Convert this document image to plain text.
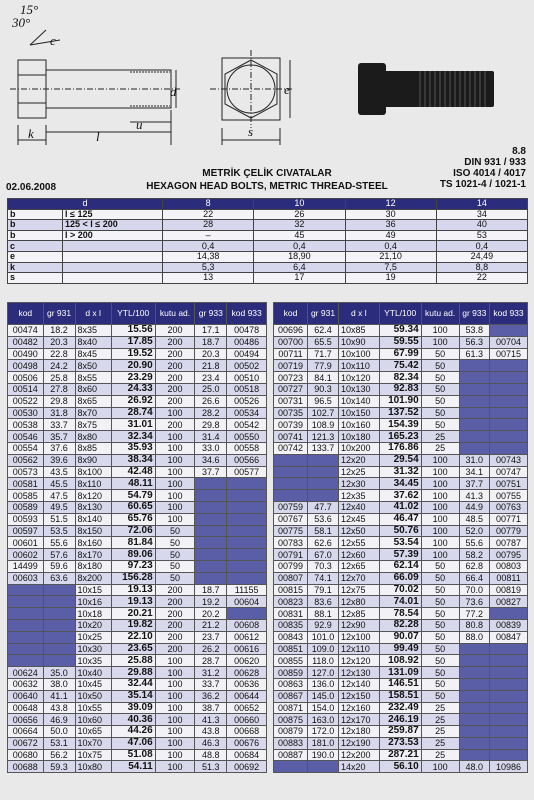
15°
30°
c
d	e
u
k	l	s
8.8
DIN 931 / 933
ISO 4014 / 4017
TS 1021-4 / 1021-1
METRİK ÇELİK CIVATALAR
HEXAGON HEAD BOLTS, METRIC THREAD-STEEL
02.06.2008
d		8	10	12	14
b	l ≤ 125	22	26	30	34
b	125 < l ≤ 200	28	32	36	40
b	l > 200	–	45	49	53
c		0,4	0,4	0,4	0,4
e		14,38	18,90	21,10	24,49
k		5,3	6,4	7,5	8,8
s		13	17	19	22
kod	gr 931	d x l	YTL/100	kutu ad.	gr 933	kod 933
00474	18.2	8x35	15.56	200	17.1	00478
00482	20.3	8x40	17.85	200	18.7	00486
00490	22.8	8x45	19.52	200	20.3	00494
00498	24.2	8x50	20.90	200	21.8	00502
00506	25.8	8x55	23.29	200	23.4	00510
00514	27.8	8x60	24.33	200	25.0	00518
00522	29.8	8x65	26.92	200	26.6	00526
00530	31.8	8x70	28.74	100	28.2	00534
00538	33.7	8x75	31.01	200	29.8	00542
00546	35.7	8x80	32.34	100	31.4	00550
00554	37.6	8x85	35.93	100	33.0	00558
00562	39.6	8x90	38.34	100	34.6	00566
00573	43.5	8x100	42.48	100	37.7	00577
00581	45.5	8x110	48.11	100		
00585	47.5	8x120	54.79	100		
00589	49.5	8x130	60.65	100		
00593	51.5	8x140	65.76	100		
00597	53.5	8x150	72.06	50		
00601	55.6	8x160	81.84	50		
00602	57.6	8x170	89.06	50		
14499	59.6	8x180	97.23	50		
00603	63.6	8x200	156.28	50		
		10x15	19.13	200	18.7	11155
		10x16	19.13	200	19.2	00604
		10x18	20.21	200	20.2	
		10x20	19.82	200	21.2	00608
		10x25	22.10	200	23.7	00612
		10x30	23.65	200	26.2	00616
		10x35	25.88	100	28.7	00620
00624	35.0	10x40	29.88	100	31.2	00628
00632	38.0	10x45	32.44	100	33.7	00636
00640	41.1	10x50	35.14	100	36.2	00644
00648	43.8	10x55	39.09	100	38.7	00652
00656	46.9	10x60	40.36	100	41.3	00660
00664	50.0	10x65	44.26	100	43.8	00668
00672	53.1	10x70	47.06	100	46.3	00676
00680	56.2	10x75	51.08	100	48.8	00684
00688	59.3	10x80	54.11	100	51.3	00692
kod	gr 931	d x l	YTL/100	kutu ad.	gr 933	kod 933
00696	62.4	10x85	59.34	100	53.8	
00700	65.5	10x90	59.55	100	56.3	00704
00711	71.7	10x100	67.99	50	61.3	00715
00719	77.9	10x110	75.42	50		
00723	84.1	10x120	82.34	50		
00727	90.3	10x130	92.83	50		
00731	96.5	10x140	101.90	50		
00735	102.7	10x150	137.52	50		
00739	108.9	10x160	154.39	50		
00741	121.3	10x180	165.23	25		
00742	133.7	10x200	176.86	25		
		12x20	29.54	100	31.0	00743
		12x25	31.32	100	34.1	00747
		12x30	34.45	100	37.7	00751
		12x35	37.62	100	41.3	00755
00759	47.7	12x40	41.02	100	44.9	00763
00767	53.6	12x45	46.47	100	48.5	00771
00775	58.1	12x50	50.76	100	52.0	00779
00783	62.6	12x55	53.54	100	55.6	00787
00791	67.0	12x60	57.39	100	58.2	00795
00799	70.3	12x65	62.14	50	62.8	00803
00807	74.1	12x70	66.09	50	66.4	00811
00815	79.1	12x75	70.02	50	70.0	00819
00823	83.6	12x80	74.01	50	73.6	00827
00831	88.1	12x85	78.54	50	77.2	
00835	92.9	12x90	82.28	50	80.8	00839
00843	101.0	12x100	90.07	50	88.0	00847
00851	109.0	12x110	99.49	50		
00855	118.0	12x120	108.92	50		
00859	127.0	12x130	131.09	50		
00863	136.0	12x140	146.51	50		
00867	145.0	12x150	158.51	50		
00871	154.0	12x160	232.49	25		
00875	163.0	12x170	246.19	25		
00879	172.0	12x180	259.87	25		
00883	181.0	12x190	273.53	25		
00887	190.0	12x200	287.21	25		
		14x20	56.10	100	48.0	10986
